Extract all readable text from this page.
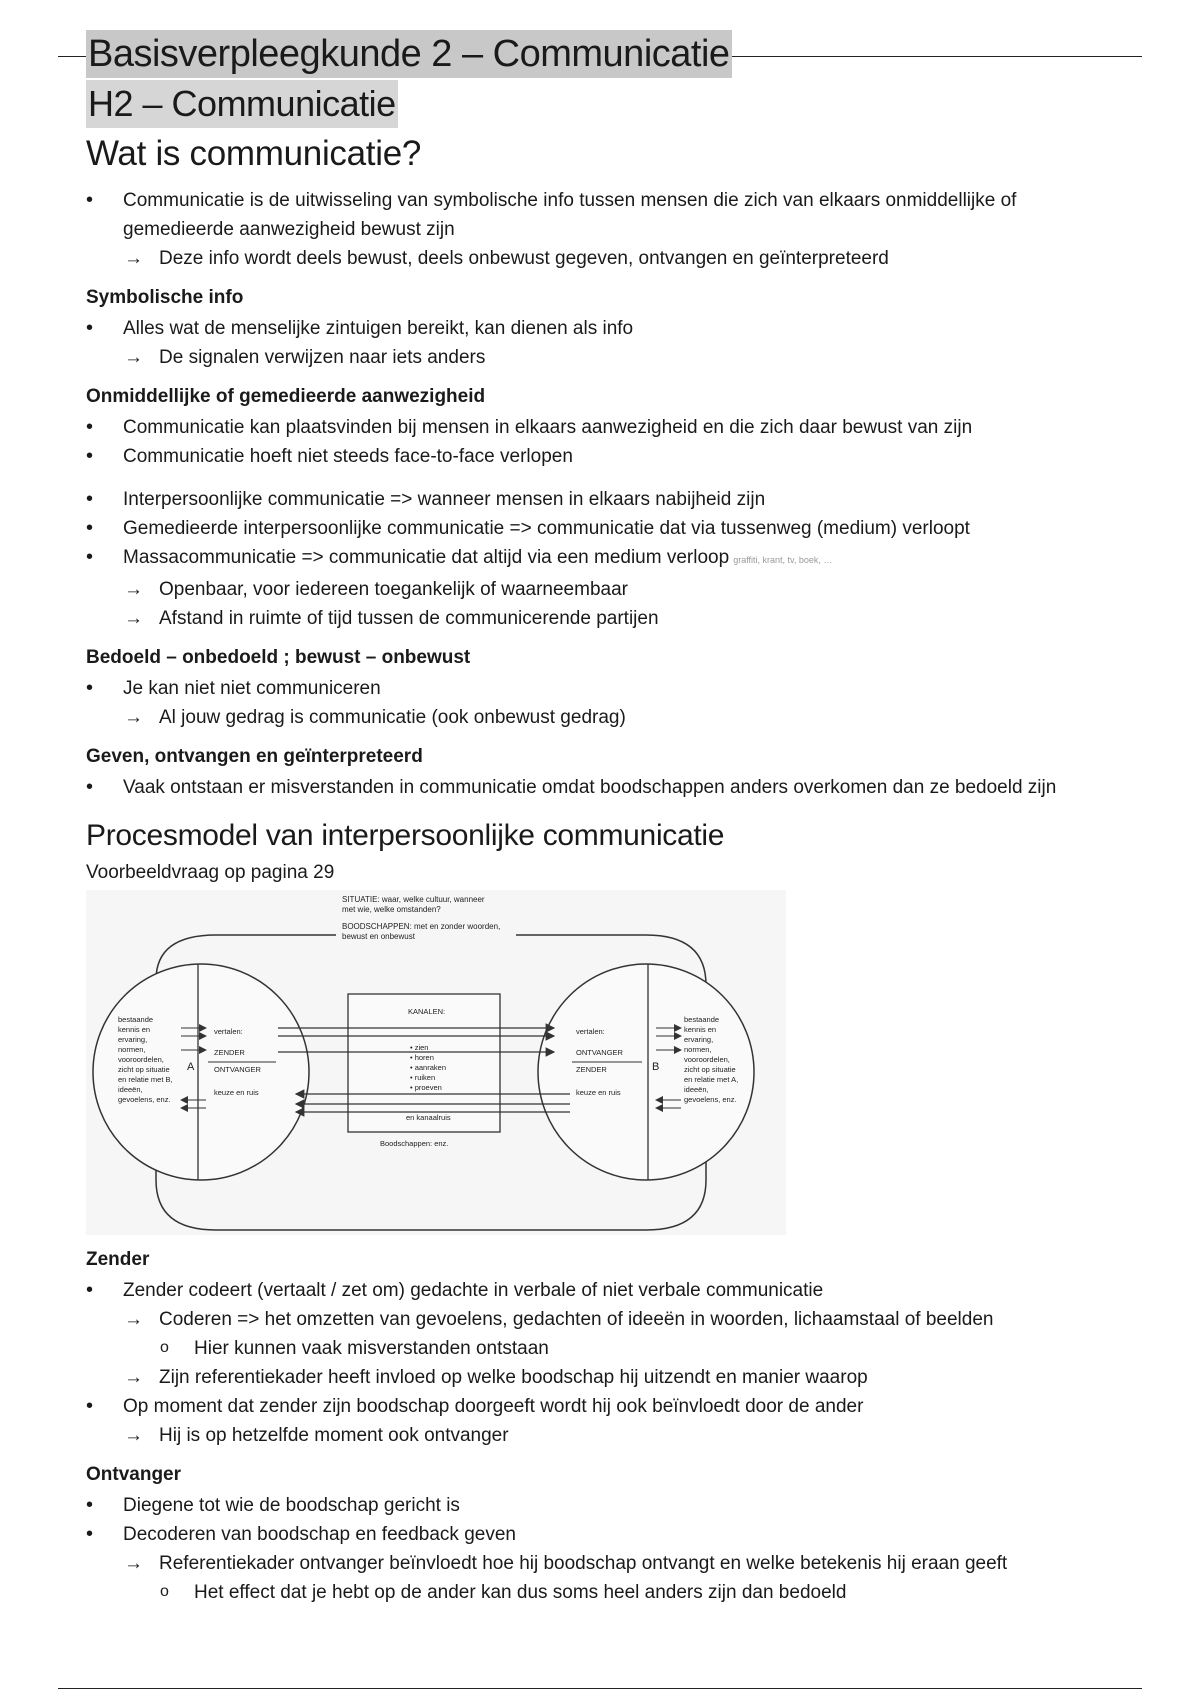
Basisverpleegkunde 2 – Communicatie
H2 – Communicatie
Wat is communicatie?
• Communicatie is de uitwisseling van symbolische info tussen mensen die zich van elkaars onmiddellijke of gemedieerde aanwezigheid bewust zijn
→ Deze info wordt deels bewust, deels onbewust gegeven, ontvangen en geïnterpreteerd
Symbolische info
• Alles wat de menselijke zintuigen bereikt, kan dienen als info
→ De signalen verwijzen naar iets anders
Onmiddellijke of gemedieerde aanwezigheid
• Communicatie kan plaatsvinden bij mensen in elkaars aanwezigheid en die zich daar bewust van zijn
• Communicatie hoeft niet steeds face-to-face verlopen
• Interpersoonlijke communicatie => wanneer mensen in elkaars nabijheid zijn
• Gemedieerde interpersoonlijke communicatie => communicatie dat via tussenweg (medium) verloopt
• Massacommunicatie => communicatie dat altijd via een medium verloop graffiti, krant, tv, boek, …
→ Openbaar, voor iedereen toegankelijk of waarneembaar
→ Afstand in ruimte of tijd tussen de communicerende partijen
Bedoeld – onbedoeld ; bewust – onbewust
• Je kan niet niet communiceren
→ Al jouw gedrag is communicatie (ook onbewust gedrag)
Geven, ontvangen en geïnterpreteerd
• Vaak ontstaan er misverstanden in communicatie omdat boodschappen anders overkomen dan ze bedoeld zijn
Procesmodel van interpersoonlijke communicatie
Voorbeeldvraag op pagina 29
SITUATIE: waar, welke cultuur, wanneer
met wie, welke omstanden?
BOODSCHAPPEN: met en zonder woorden,
bewust en onbewust
bestaande
kennis en
ervaring,
normen,
vooroordelen,
zicht op situatie
en relatie met B,
ideeën,
gevoelens, enz.
A
vertalen:
ZENDER
ONTVANGER
keuze en ruis
bestaande
kennis en
ervaring,
normen,
vooroordelen,
zicht op situatie
en relatie met A,
ideeën,
gevoelens, enz.
B
vertalen:
ONTVANGER
ZENDER
keuze en ruis
KANALEN:
• zien
• horen
• aanraken
• ruiken
• proeven
en kanaalruis
Boodschappen: enz.
Zender
• Zender codeert (vertaalt / zet om) gedachte in verbale of niet verbale communicatie
→ Coderen => het omzetten van gevoelens, gedachten of ideeën in woorden, lichaamstaal of beelden
o Hier kunnen vaak misverstanden ontstaan
→ Zijn referentiekader heeft invloed op welke boodschap hij uitzendt en manier waarop
• Op moment dat zender zijn boodschap doorgeeft wordt hij ook beïnvloedt door de ander
→ Hij is op hetzelfde moment ook ontvanger
Ontvanger
• Diegene tot wie de boodschap gericht is
• Decoderen van boodschap en feedback geven
→ Referentiekader ontvanger beïnvloedt hoe hij boodschap ontvangt en welke betekenis hij eraan geeft
o Het effect dat je hebt op de ander kan dus soms heel anders zijn dan bedoeld
